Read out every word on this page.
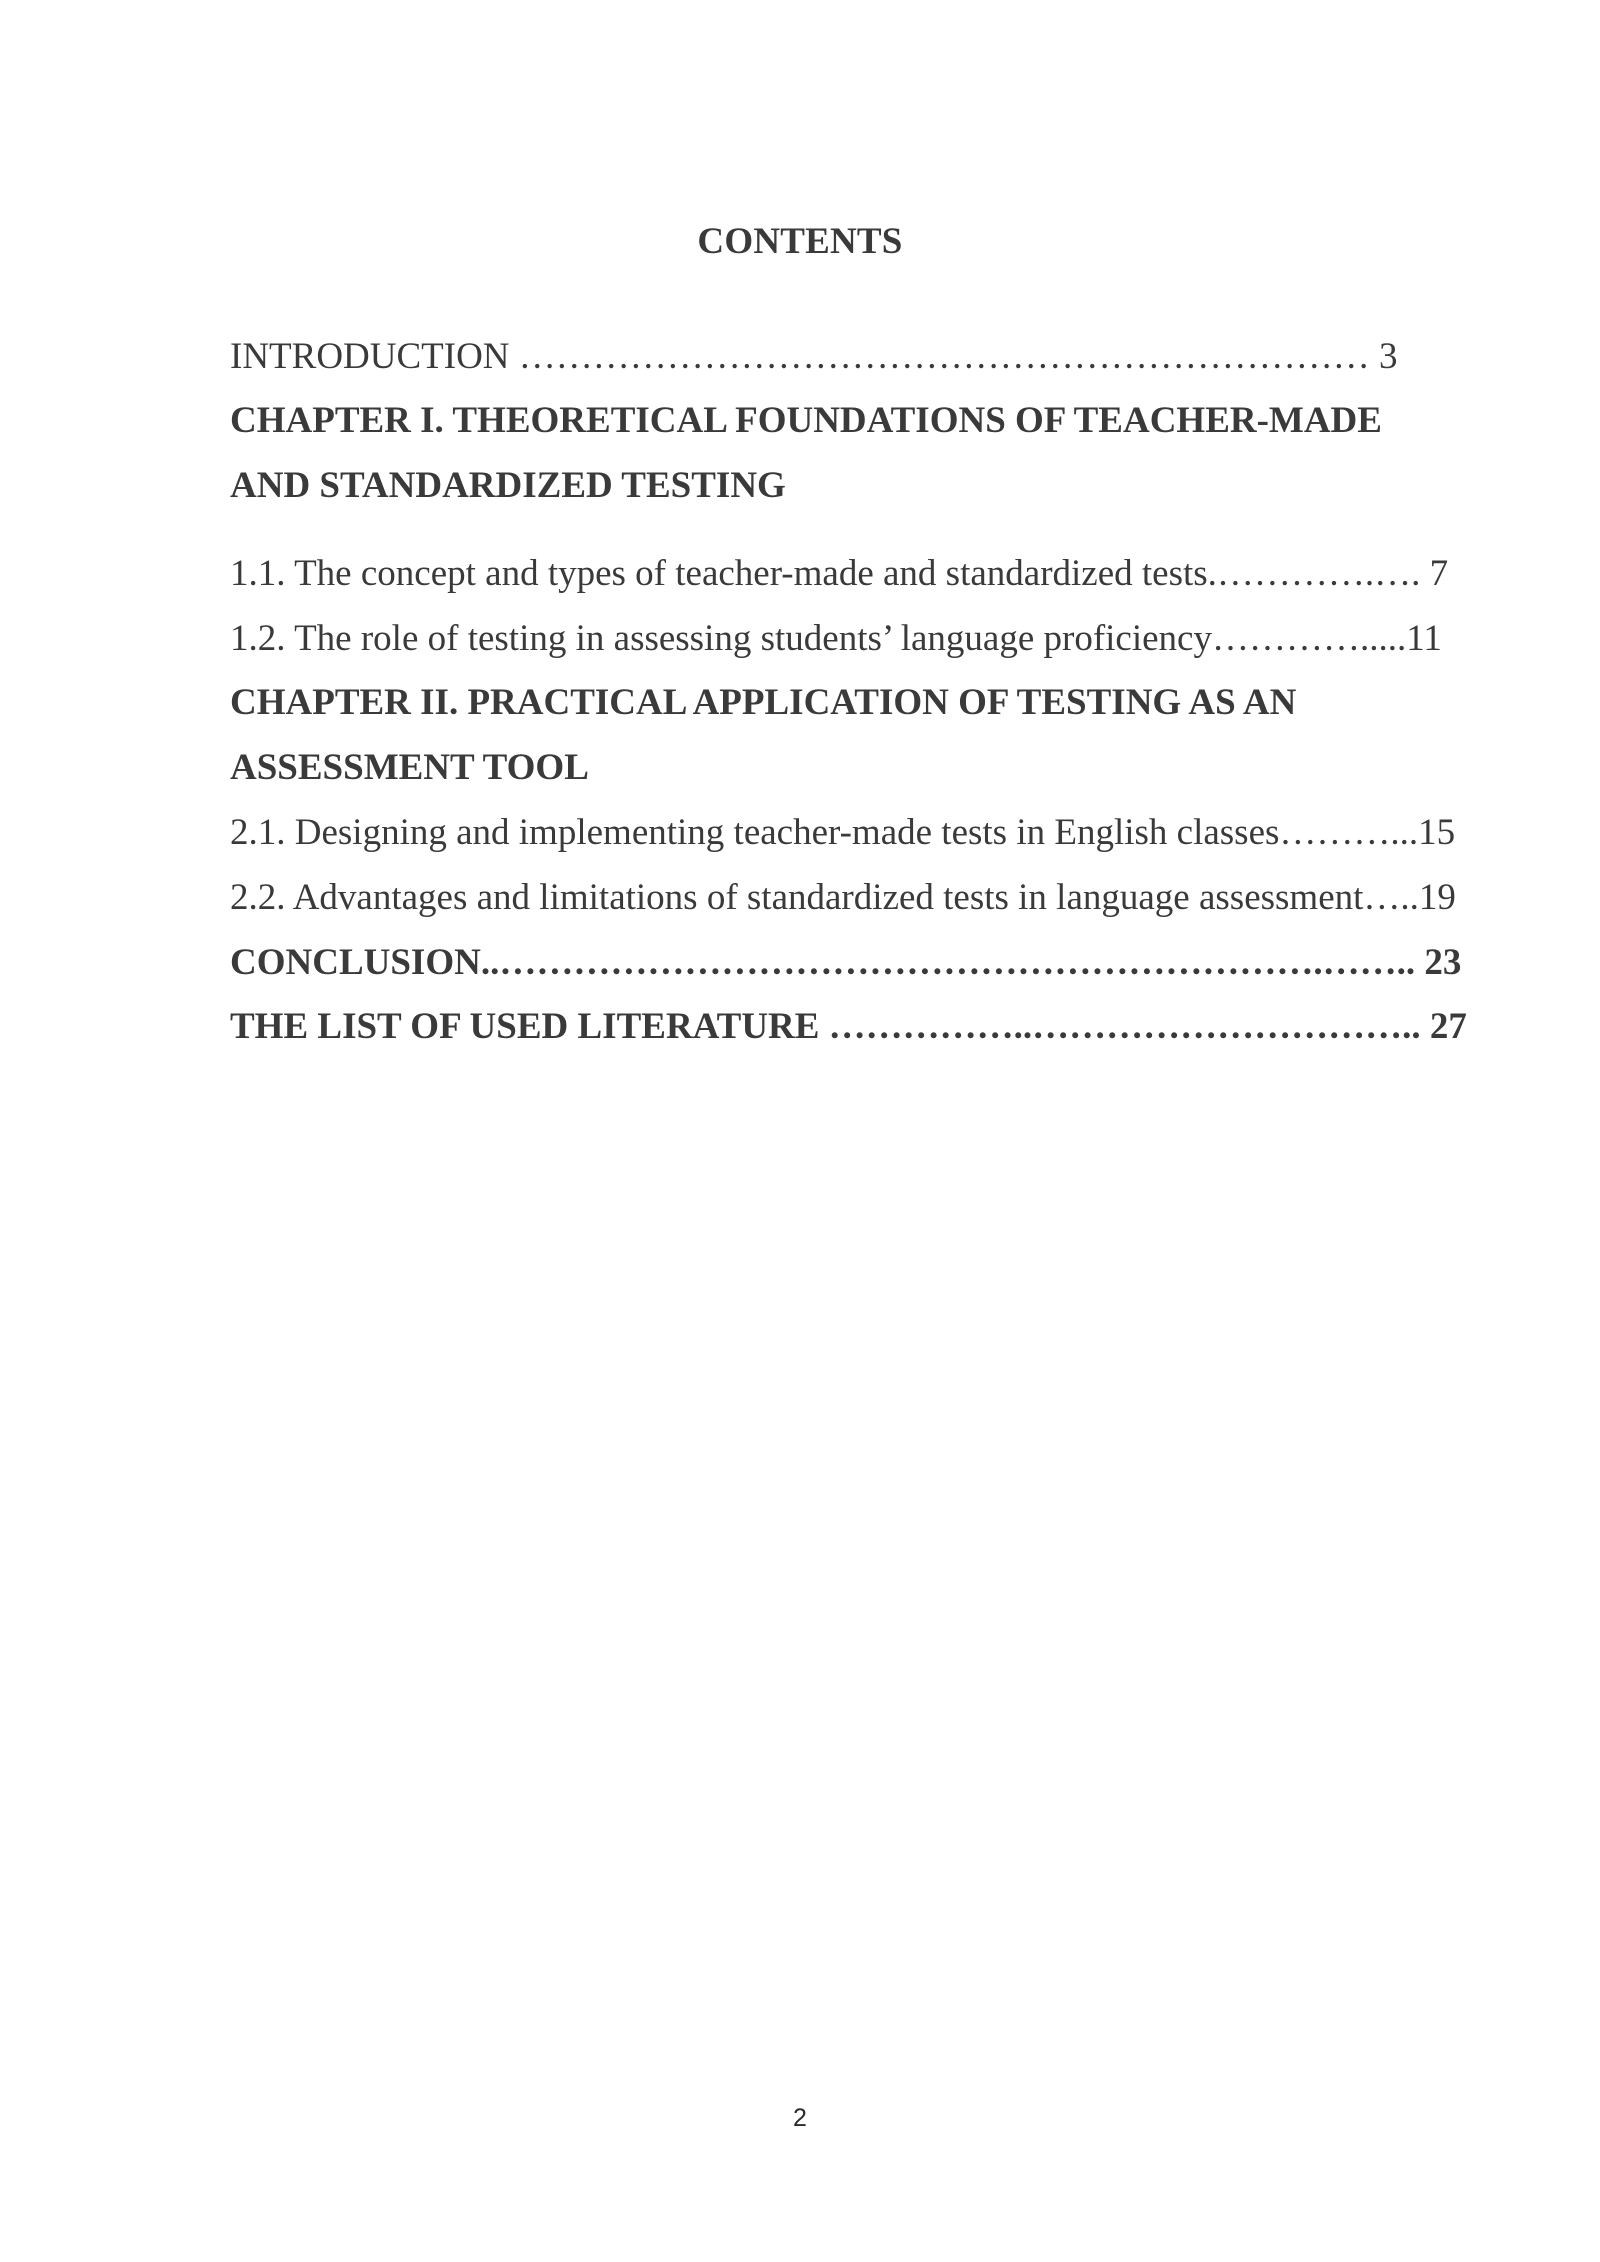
CONTENTS
INTRODUCTION …………………………………………………………… 3
CHAPTER I. THEORETICAL FOUNDATIONS OF TEACHER-MADE
AND STANDARDIZED TESTING
1.1. The concept and types of teacher-made and standardized tests.………….…. 7
1.2. The role of testing in assessing students’ language proficiency………….....11
CHAPTER II. PRACTICAL APPLICATION OF TESTING AS AN
ASSESSMENT TOOL
2.1. Designing and implementing teacher-made tests in English classes………...15
2.2. Advantages and limitations of standardized tests in language assessment…..19
CONCLUSION..………………………………………………………….…….. 23
THE LIST OF USED LITERATURE ……………..………………………….. 27
2
